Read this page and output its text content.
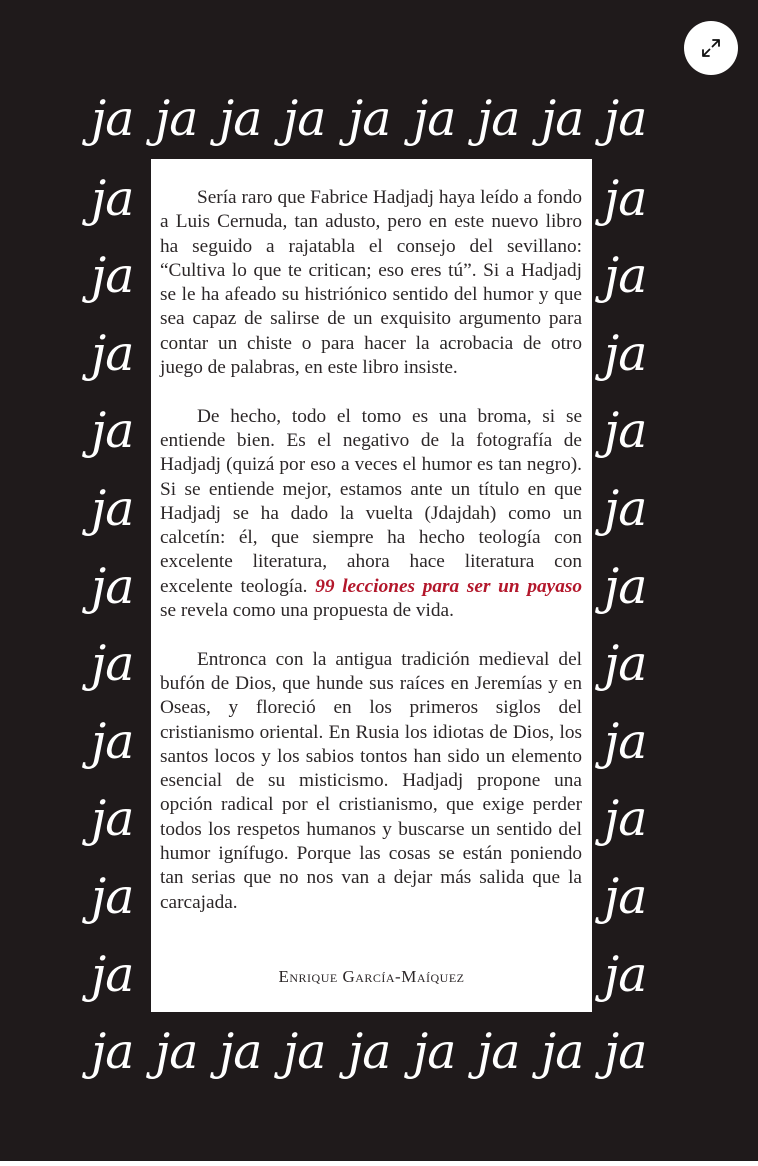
ja ja ja ja ja ja ja ja ja
ja
ja
ja
ja
ja
ja
ja
ja
ja
ja
ja
ja
ja
ja
ja
ja
ja
ja
ja
ja
ja
ja
ja ja ja ja ja ja ja ja ja

Sería raro que Fabrice Hadjadj haya leído a fondo a Luis Cernuda, tan adusto, pero en este nuevo libro ha seguido a rajatabla el consejo del sevillano: “Cultiva lo que te critican; eso eres tú”. Si a Hadjadj se le ha afeado su histriónico sentido del humor y que sea capaz de salirse de un exquisito argumento para contar un chiste o para hacer la acrobacia de otro juego de palabras, en este libro insiste.

De hecho, todo el tomo es una broma, si se entiende bien. Es el negativo de la fotografía de Hadjadj (quizá por eso a veces el humor es tan negro). Si se entiende mejor, estamos ante un título en que Hadjadj se ha dado la vuelta (Jdajdah) como un calcetín: él, que siempre ha hecho teología con excelente literatura, ahora hace literatura con excelente teología. 99 lecciones para ser un payaso se revela como una propuesta de vida.

Entronca con la antigua tradición medieval del bufón de Dios, que hunde sus raíces en Jeremías y en Oseas, y floreció en los primeros siglos del cristianismo oriental. En Rusia los idiotas de Dios, los santos locos y los sabios tontos han sido un elemento esencial de su misticismo. Hadjadj propone una opción radical por el cristianismo, que exige perder todos los respetos humanos y buscarse un sentido del humor ignífugo. Porque las cosas se están poniendo tan serias que no nos van a dejar más salida que la carcajada.

Enrique García-Maíquez
